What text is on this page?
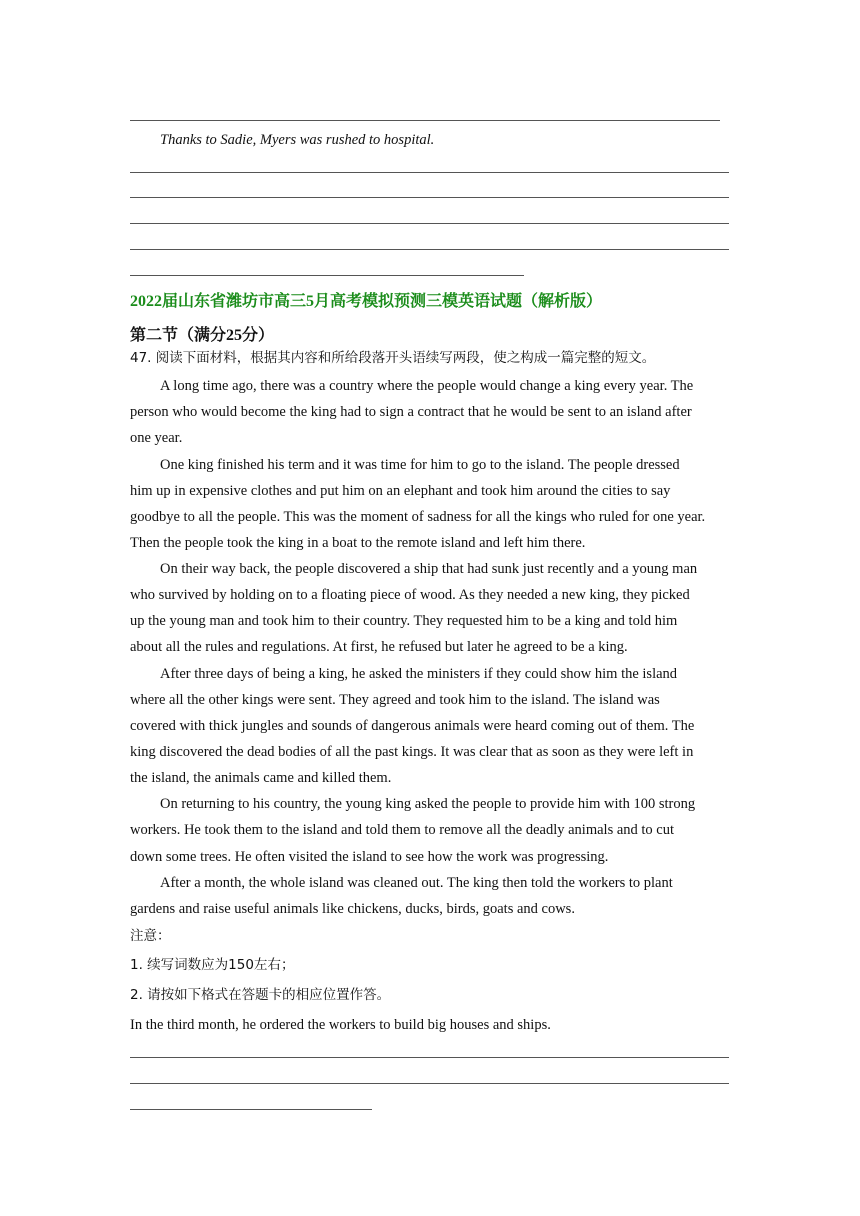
Thanks to Sadie, Myers was rushed to hospital.
2022届山东省潍坊市高三5月高考模拟预测三模英语试题（解析版）
第二节（满分25分）
47. 阅读下面材料，根据其内容和所给段落开头语续写两段，使之构成一篇完整的短文。
A long time ago, there was a country where the people would change a king every year. The
person who would become the king had to sign a contract that he would be sent to an island after
one year.
One king finished his term and it was time for him to go to the island. The people dressed
him up in expensive clothes and put him on an elephant and took him around the cities to say
goodbye to all the people. This was the moment of sadness for all the kings who ruled for one year.
Then the people took the king in a boat to the remote island and left him there.
On their way back, the people discovered a ship that had sunk just recently and a young man
who survived by holding on to a floating piece of wood. As they needed a new king, they picked
up the young man and took him to their country. They requested him to be a king and told him
about all the rules and regulations. At first, he refused but later he agreed to be a king.
After three days of being a king, he asked the ministers if they could show him the island
where all the other kings were sent. They agreed and took him to the island. The island was
covered with thick jungles and sounds of dangerous animals were heard coming out of them. The
king discovered the dead bodies of all the past kings. It was clear that as soon as they were left in
the island, the animals came and killed them.
On returning to his country, the young king asked the people to provide him with 100 strong
workers. He took them to the island and told them to remove all the deadly animals and to cut
down some trees. He often visited the island to see how the work was progressing.
After a month, the whole island was cleaned out. The king then told the workers to plant
gardens and raise useful animals like chickens, ducks, birds, goats and cows.
注意：
1. 续写词数应为150左右；
2. 请按如下格式在答题卡的相应位置作答。
In the third month, he ordered the workers to build big houses and ships.
